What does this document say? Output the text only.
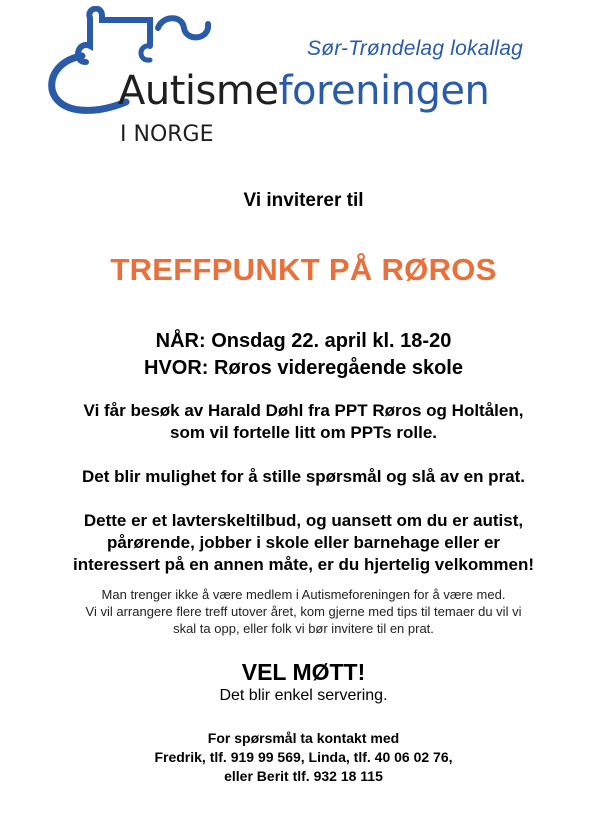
Sør-Trøndelag lokallag
Autismeforeningen
I NORGE

Vi inviterer til

TREFFPUNKT PÅ RØROS

NÅR: Onsdag 22. april kl. 18-20

HVOR: Røros videregående skole

Vi får besøk av Harald Døhl fra PPT Røros og Holtålen,

som vil fortelle litt om PPTs rolle.

Det blir mulighet for å stille spørsmål og slå av en prat.

Dette er et lavterskeltilbud, og uansett om du er autist,

pårørende, jobber i skole eller barnehage eller er

interessert på en annen måte, er du hjertelig velkommen!

Man trenger ikke å være medlem i Autismeforeningen for å være med.

Vi vil arrangere flere treff utover året, kom gjerne med tips til temaer du vil vi

skal ta opp, eller folk vi bør invitere til en prat.

VEL MØTT!

Det blir enkel servering.

For spørsmål ta kontakt med

Fredrik, tlf. 919 99 569, Linda, tlf. 40 06 02 76,

eller Berit tlf. 932 18 115
